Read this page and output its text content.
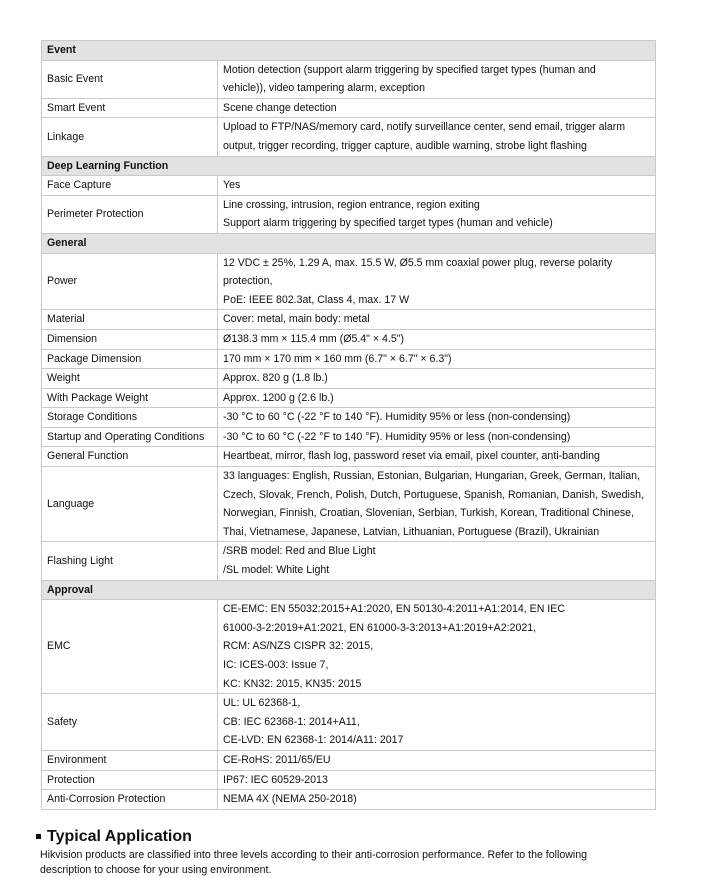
Event	
Basic Event	Motion detection (support alarm triggering by specified target types (human and
vehicle)), video tampering alarm, exception

Smart Event	Scene change detection

Linkage	Upload to FTP/NAS/memory card, notify surveillance center, send email, trigger alarm
output, trigger recording, trigger capture, audible warning, strobe light flashing

Deep Learning Function	
Face Capture	Yes

Perimeter Protection	Line crossing, intrusion, region entrance, region exiting
Support alarm triggering by specified target types (human and vehicle)

General	
Power	12 VDC ± 25%, 1.29 A, max. 15.5 W, Ø5.5 mm coaxial power plug, reverse polarity
protection,
PoE: IEEE 802.3at, Class 4, max. 17 W

Material	Cover: metal, main body: metal

Dimension	Ø138.3 mm × 115.4 mm (Ø5.4" × 4.5")

Package Dimension	170 mm × 170 mm × 160 mm (6.7" × 6.7" × 6.3")

Weight	Approx. 820 g (1.8 lb.)

With Package Weight	Approx. 1200 g (2.6 lb.)

Storage Conditions	-30 °C to 60 °C (-22 °F to 140 °F). Humidity 95% or less (non-condensing)

Startup and Operating Conditions	-30 °C to 60 °C (-22 °F to 140 °F). Humidity 95% or less (non-condensing)

General Function	Heartbeat, mirror, flash log, password reset via email, pixel counter, anti-banding

Language	33 languages: English, Russian, Estonian, Bulgarian, Hungarian, Greek, German, Italian,
Czech, Slovak, French, Polish, Dutch, Portuguese, Spanish, Romanian, Danish, Swedish,
Norwegian, Finnish, Croatian, Slovenian, Serbian, Turkish, Korean, Traditional Chinese,
Thai, Vietnamese, Japanese, Latvian, Lithuanian, Portuguese (Brazil), Ukrainian

Flashing Light	/SRB model: Red and Blue Light
/SL model: White Light

Approval	
EMC	CE-EMC: EN 55032:2015+A1:2020, EN 50130-4:2011+A1:2014, EN IEC
61000-3-2:2019+A1:2021, EN 61000-3-3:2013+A1:2019+A2:2021,
RCM: AS/NZS CISPR 32: 2015,
IC: ICES-003: Issue 7,
KC: KN32: 2015, KN35: 2015

Safety	UL: UL 62368-1,
CB: IEC 62368-1: 2014+A11,
CE-LVD: EN 62368-1: 2014/A11: 2017

Environment	CE-RoHS: 2011/65/EU

Protection	IP67: IEC 60529-2013

Anti-Corrosion Protection	NEMA 4X (NEMA 250-2018)
Typical Application

Hikvision products are classified into three levels according to their anti-corrosion performance. Refer to the following
description to choose for your using environment.
